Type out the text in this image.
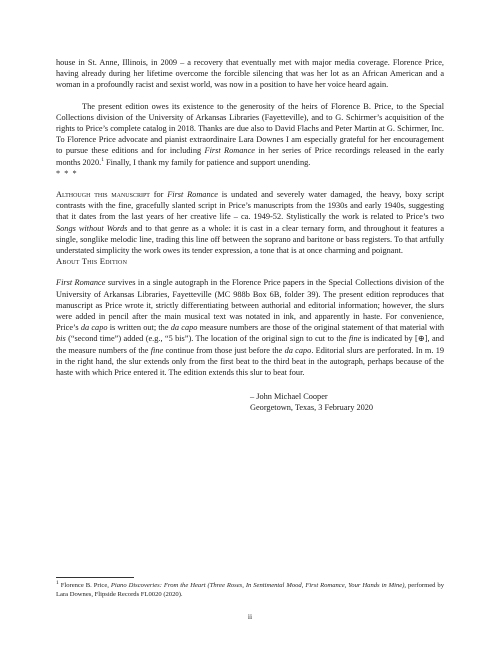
house in St. Anne, Illinois, in 2009 – a recovery that eventually met with major media coverage. Florence Price, having already during her lifetime overcome the forcible silencing that was her lot as an African American and a woman in a profoundly racist and sexist world, was now in a position to have her voice heard again.

The present edition owes its existence to the generosity of the heirs of Florence B. Price, to the Special Collections division of the University of Arkansas Libraries (Fayetteville), and to G. Schirmer’s acquisition of the rights to Price’s complete catalog in 2018. Thanks are due also to David Flachs and Peter Martin at G. Schirmer, Inc. To Florence Price advocate and pianist extraordinaire Lara Downes I am especially grateful for her encouragement to pursue these editions and for including First Romance in her series of Price recordings released in the early months 2020.$^1$ Finally, I thank my family for patience and support unending.

* * *

Although this manuscript for First Romance is undated and severely water damaged, the heavy, boxy script contrasts with the fine, gracefully slanted script in Price’s manuscripts from the 1930s and early 1940s, suggesting that it dates from the last years of her creative life – ca. 1949-52. Stylistically the work is related to Price’s two Songs without Words and to that genre as a whole: it is cast in a clear ternary form, and throughout it features a single, songlike melodic line, trading this line off between the soprano and baritone or bass registers. To that artfully understated simplicity the work owes its tender expression, a tone that is at once charming and poignant.

About This Edition

First Romance survives in a single autograph in the Florence Price papers in the Special Collections division of the University of Arkansas Libraries, Fayetteville (MC 988b Box 6B, folder 39). The present edition reproduces that manuscript as Price wrote it, strictly differentiating between authorial and editorial information; however, the slurs were added in pencil after the main musical text was notated in ink, and apparently in haste. For convenience, Price’s da capo is written out; the da capo measure numbers are those of the original statement of that material with bis (“second time”) added (e.g., “5 bis”). The location of the original sign to cut to the fine is indicated by [⊕], and the measure numbers of the fine continue from those just before the da capo. Editorial slurs are perforated. In m. 19 in the right hand, the slur extends only from the first beat to the third beat in the autograph, perhaps because of the haste with which Price entered it. The edition extends this slur to beat four.

– John Michael Cooper
Georgetown, Texas, 3 February 2020
$^1$ Florence B. Price, Piano Discoveries: From the Heart (Three Roses, In Sentimental Mood, First Romance, Your Hands in Mine), performed by Lara Downes, Flipside Records FL0020 (2020).
ii
